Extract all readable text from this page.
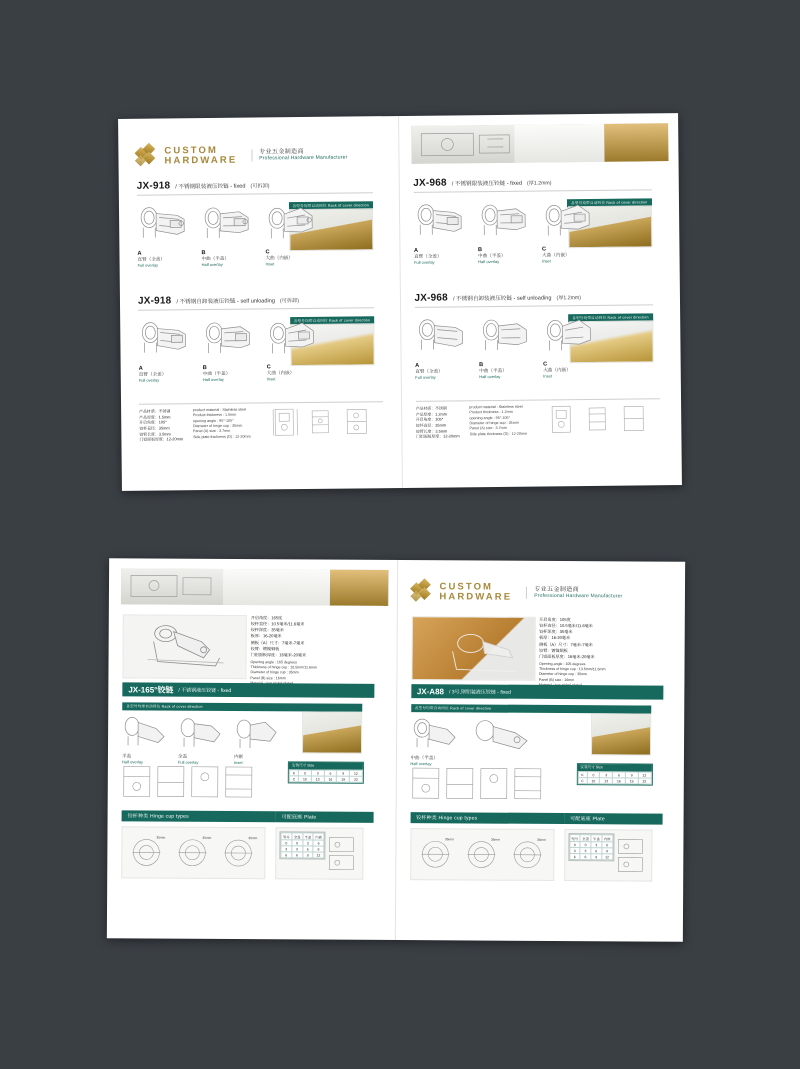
CUSTOM
HARDWARE
专业五金制造商
Professional Hardware Manufacturer
JX-918 / 不锈钢限装液压铰链 - fixed (可拆卸)
各型号均带自动回位 Rack of cover direction
A
直臂（全盖）
Full overlay
B
中曲（半盖）
Half overlay
C
大曲（内嵌）
Inset
JX-918 / 不锈钢自卸装液压铰链 - self unloading (可拆卸)
各型号均带自动回位 Rack of cover direction
A
直臂（全盖）
Full overlay
B
中曲（半盖）
Half overlay
C
大曲（内嵌）
Inset
产品材质：不锈钢
产品厚度：1.5mm
开启角度：105°
铰杯直径：35mm
铰臂长度：3.5mm
门铝面板厚度：12-20mm
product material : Stainless steel
Product thickness : 1.5mm
opening angle : 95°-105°
Diameter of hinge cup : 35mm
Panel (A) size : 3.7mm
Side plate thickness (D) : 12-20mm
JX-968 / 不锈钢限装液压铰链 - fixed (厚1.2mm)
各型号均带自动回位 Rack of cover direction
A
直臂（全盖）
Full overlay
B
中曲（半盖）
Half overlay
C
大曲（内嵌）
Inset
JX-968 / 不锈钢自卸装液压铰链 - self unloading (厚1.2mm)
各型号均带自动回位 Rack of cover direction
A
直臂（全盖）
Full overlay
B
中曲（半盖）
Half overlay
C
大曲（内嵌）
Inset
产品材质：不锈钢
产品厚度：1.2mm
开启角度：105°
铰杯直径：35mm
铰臂长度：3.5mm
门铝面板厚度：12-20mm
product material : Stainless steel
Product thickness : 1.2mm
opening angle : 95°-105°
Diameter of hinge cup : 35mm
Panel (A) size : 3.7mm
Side plate thickness (D) : 12-20mm
开启角度：165度
铰杯直径：10.5毫米/11.6毫米
铰杯深度：35毫米
板厚：16-20毫米
侧板（A）尺寸：7毫米-7毫米
铰臂：镀镍铜板
门铝面板厚度：16毫米-20毫米
Opening angle : 165 degrees
Thickness of hinge cup : 10.5mm/11.6mm
Diameter of hinge cup : 35mm
Panel (B) size : 16mm
JX-165°铰链 / 不锈钢液压铰链 - fixed
各型号均带自动回位 Rack of cover direction
半盖
Half overlay
全盖
Full overlay
内嵌
Inset
安装尺寸 Size
K	0	3	6	9	12
C	10	13	16	19	22
铰杯种类 Hinge cup types	可配底座 Plate
35mm	35mm	35mm	型号	全盖	半盖	内嵌
0	0	3	6
3	3	6	9
6	6	9	12
CUSTOM
HARDWARE
专业五金制造商
Professional Hardware Manufacturer
开启角度：105度
铰杯直径：10.5毫米/11.6毫米
铰杯深度：35毫米
板厚：16-20毫米
侧板（A）尺寸：7毫米-7毫米
铰臂：镀镍铜板
门铝面板厚度：16毫米-20毫米
Opening angle : 105 degrees
Thickness of hinge cup : 13.5mm/11.6mm
Diameter of hinge cup : 35mm
Panel (B) size : 16mm
JX-A88 / 3号,钢铝装液压铰链 - fixed
各型号均带自动回位 Rack of cover direction
中曲（半盖）
Half overlay
安装尺寸 Size
K	0	3	6	9	12
C	10	13	16	19	22
铰杯种类 Hinge cup types	可配底座 Plate
35mm	35mm	35mm	型号	全盖	半盖	内嵌
0	0	3	6
3	3	6	9
6	6	9	12
